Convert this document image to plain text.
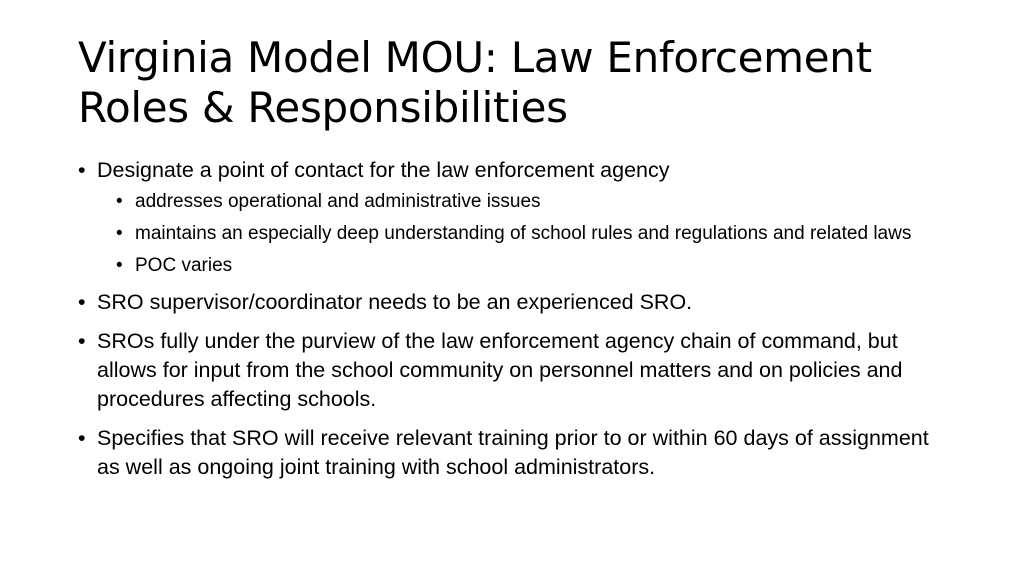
Virginia Model MOU: Law Enforcement Roles & Responsibilities
• Designate a point of contact for the law enforcement agency
• addresses operational and administrative issues
• maintains an especially deep understanding of school rules and regulations and related laws
• POC varies
• SRO supervisor/coordinator needs to be an experienced SRO.
• SROs fully under the purview of the law enforcement agency chain of command, but allows for input from the school community on personnel matters and on policies and procedures affecting schools.
• Specifies that SRO will receive relevant training prior to or within 60 days of assignment as well as ongoing joint training with school administrators.
